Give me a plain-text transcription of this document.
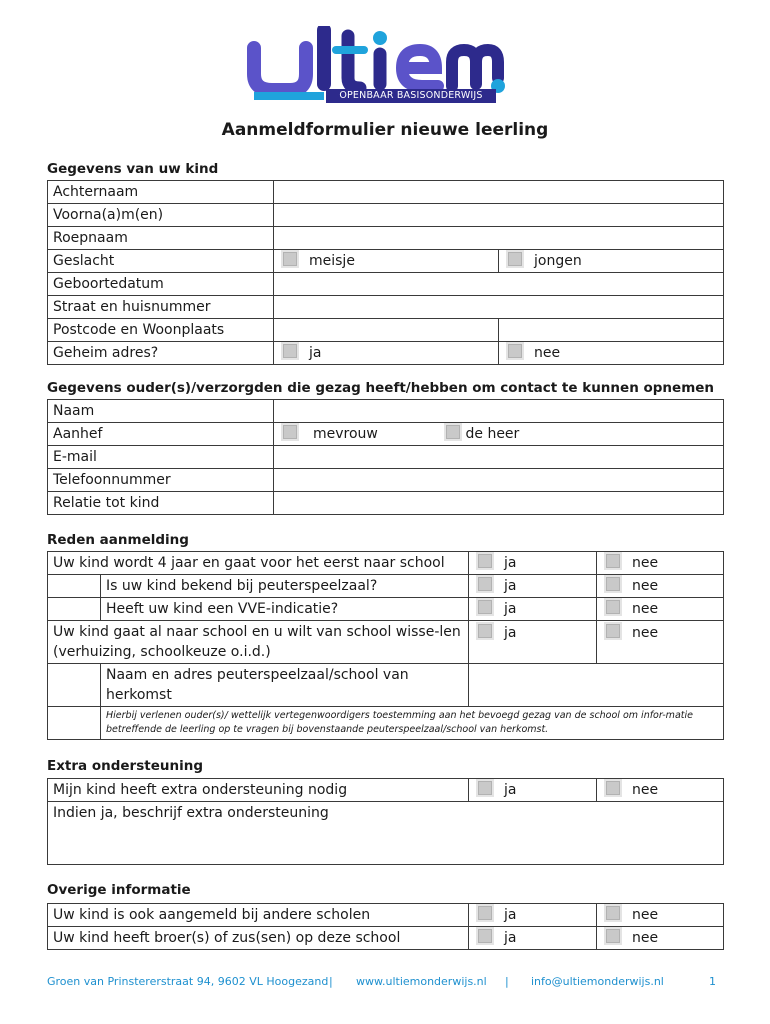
OPENBAAR BASISONDERWIJS
Aanmeldformulier nieuwe leerling
Gegevens van uw kind
Achternaam		
Voorna(a)m(en)		
Roepnaam		
Geslacht	meisje	jongen
Geboortedatum		
Straat en huisnummer		
Postcode en Woonplaats		
Geheim adres?	ja	nee
Gegevens ouder(s)/verzorgden die gezag heeft/hebben om contact te kunnen opnemen
Naam		
Aanhef	mevrouw	de heer
E-mail		
Telefoonnummer		
Relatie tot kind		
Reden aanmelding
Uw kind wordt 4 jaar en gaat voor het eerst naar school		ja	nee
	Is uw kind bekend bij peuterspeelzaal?	ja	nee
	Heeft uw kind een VVE-indicatie?	ja	nee
Uw kind gaat al naar school en u wilt van school wisse-len (verhuizing, schoolkeuze o.i.d.)		ja	nee
	Naam en adres peuterspeelzaal/school van herkomst		
	Hierbij verlenen ouder(s)/ wettelijk vertegenwoordigers toestemming aan het bevoegd gezag van de school om infor-matie betreffende de leerling op te vragen bij bovenstaande peuterspeelzaal/school van herkomst.		
Extra ondersteuning
Mijn kind heeft extra ondersteuning nodig	ja	nee
Indien ja, beschrijf extra ondersteuning
Overige informatie
Uw kind is ook aangemeld bij andere scholen	ja	nee
Uw kind heeft broer(s) of zus(sen) op deze school	ja	nee
Groen van Prinstererstraat 94, 9602 VL Hoogezand | www.ultiemonderwijs.nl | info@ultiemonderwijs.nl	1
